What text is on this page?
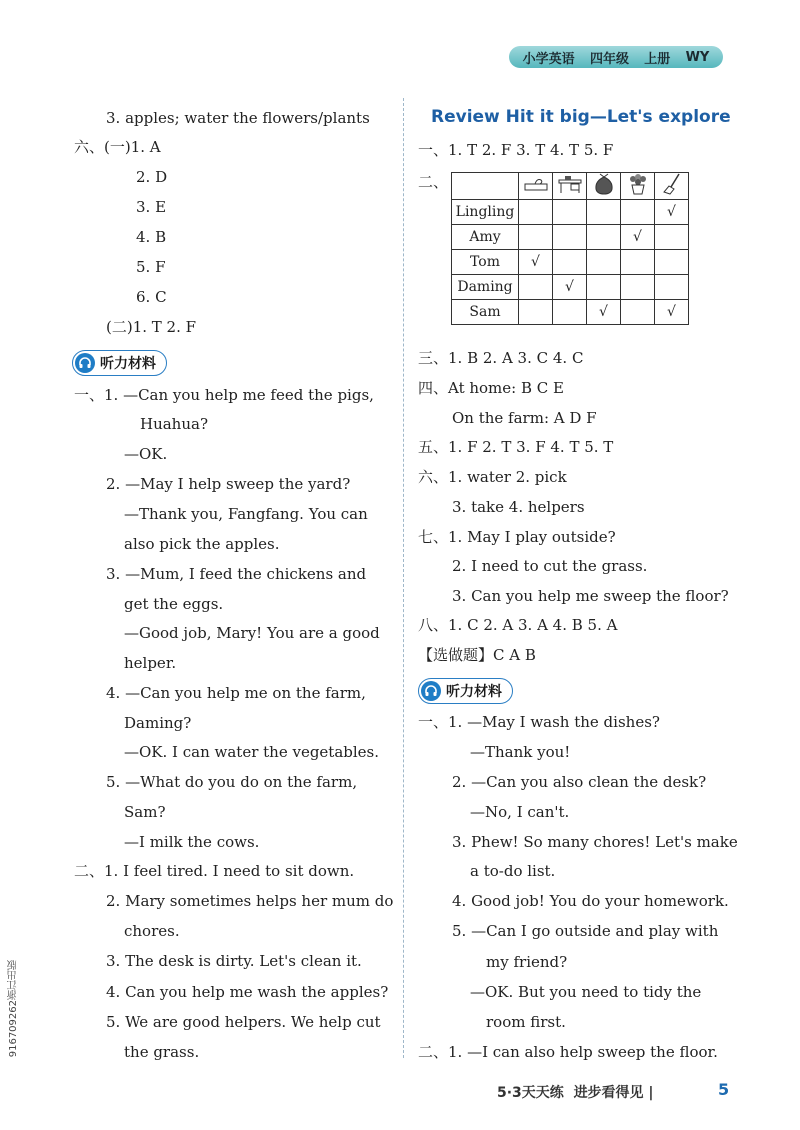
小学英语 四年级 上册 WY
3. apples; water the flowers/plants
六、(一)1. A
2. D
3. E
4. B
5. F
6. C
(二)1. T 2. F
一、1. —Can you help me feed the pigs,
Huahua?
—OK.
2. —May I help sweep the yard?
—Thank you, Fangfang. You can
also pick the apples.
3. —Mum, I feed the chickens and
get the eggs.
—Good job, Mary! You are a good
helper.
4. —Can you help me on the farm,
Daming?
—OK. I can water the vegetables.
5. —What do you do on the farm,
Sam?
—I milk the cows.
二、1. I feel tired. I need to sit down.
2. Mary sometimes helps her mum do
chores.
3. The desk is dirty. Let's clean it.
4. Can you help me wash the apples?
5. We are good helpers. We help cut
the grass.
听力材料
Review Hit it big—Let's explore
一、1. T 2. F 3. T 4. T 5. F
二、
三、1. B 2. A 3. C 4. C
四、At home: B C E
On the farm: A D F
五、1. F 2. T 3. F 4. T 5. T
六、1. water 2. pick
3. take 4. helpers
七、1. May I play outside?
2. I need to cut the grass.
3. Can you help me sweep the floor?
八、1. C 2. A 3. A 4. B 5. A
【选做题】C A B
一、1. —May I wash the dishes?
—Thank you!
2. —Can you also clean the desk?
—No, I can't.
3. Phew! So many chores! Let's make
a to-do list.
4. Good job! You do your homework.
5. —Can I go outside and play with
my friend?
—OK. But you need to tidy the
room first.
二、1. —I can also help sweep the floor.

Lingling					√
Amy				√	
Tom	√				
Daming		√			
Sam			√		√
听力材料
916709262浙江出版
5·3天天练 进步看得见 |	5
